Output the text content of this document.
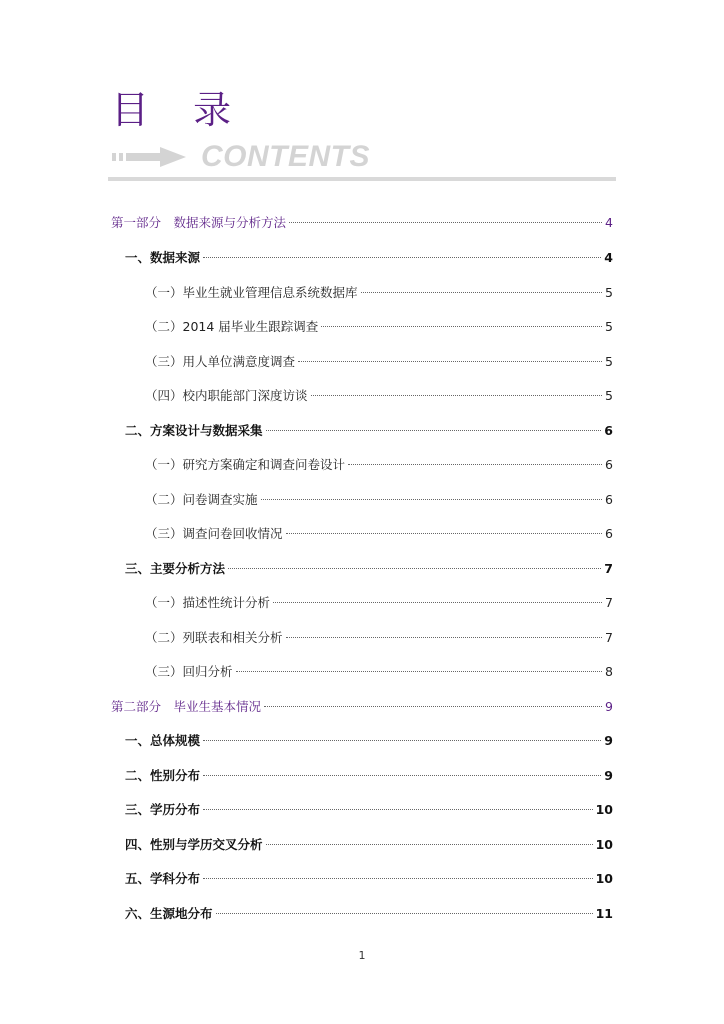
目 录
CONTENTS
第一部分　数据来源与分析方法	4
一、数据来源	4
（一）毕业生就业管理信息系统数据库	5
（二）2014 届毕业生跟踪调查	5
（三）用人单位满意度调查	5
（四）校内职能部门深度访谈	5
二、方案设计与数据采集	6
（一）研究方案确定和调查问卷设计	6
（二）问卷调查实施	6
（三）调查问卷回收情况	6
三、主要分析方法	7
（一）描述性统计分析	7
（二）列联表和相关分析	7
（三）回归分析	8
第二部分　毕业生基本情况	9
一、总体规模	9
二、性别分布	9
三、学历分布	10
四、性别与学历交叉分析	10
五、学科分布	10
六、生源地分布	11
1
